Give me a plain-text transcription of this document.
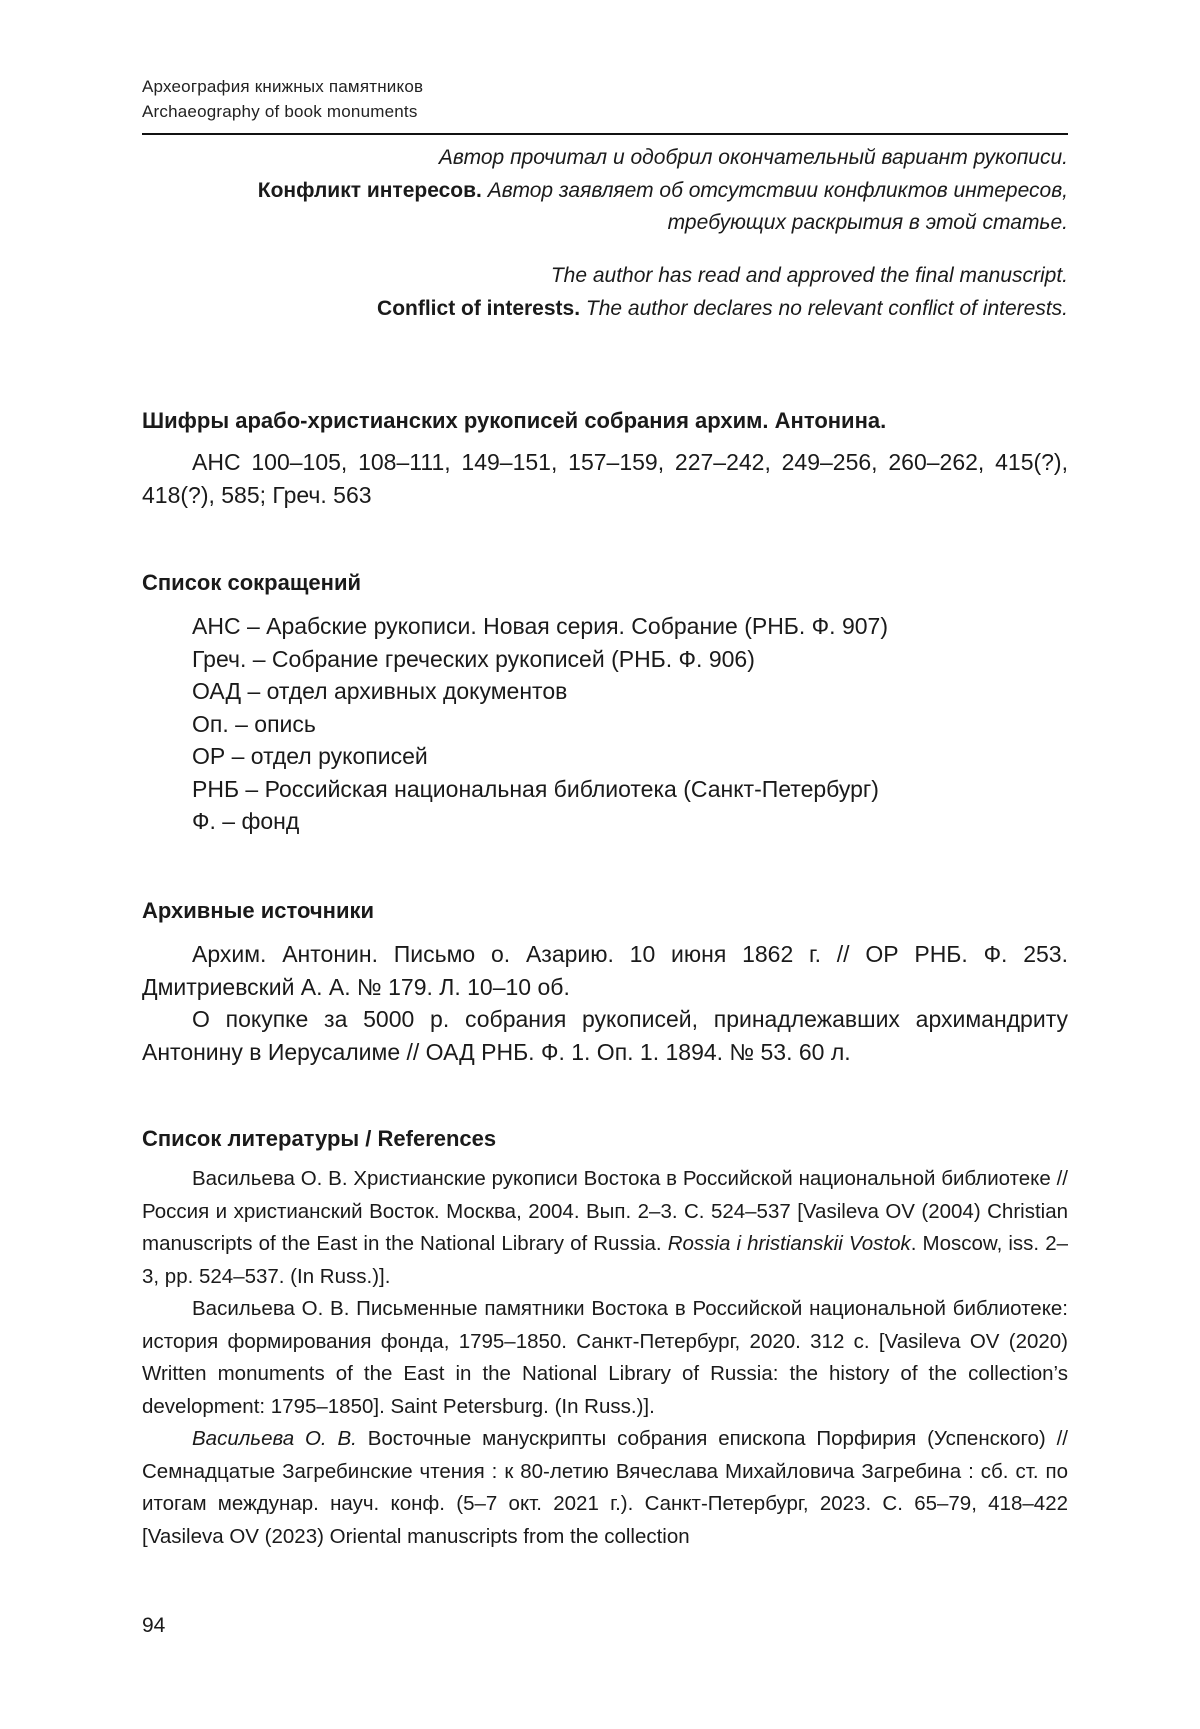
Археография книжных памятников
Archaeography of book monuments
Автор прочитал и одобрил окончательный вариант рукописи.
Конфликт интересов. Автор заявляет об отсутствии конфликтов интересов,
требующих раскрытия в этой статье.
The author has read and approved the final manuscript.
Conflict of interests. The author declares no relevant conflict of interests.
Шифры арабо-христианских рукописей собрания архим. Антонина.

АНС 100–105, 108–111, 149–151, 157–159, 227–242, 249–256, 260–262, 415(?), 418(?), 585; Греч. 563

Список сокращений
АНС – Арабские рукописи. Новая серия. Собрание (РНБ. Ф. 907)
Греч. – Собрание греческих рукописей (РНБ. Ф. 906)
ОАД – отдел архивных документов
Оп. – опись
ОР – отдел рукописей
РНБ – Российская национальная библиотека (Санкт-Петербург)
Ф. – фонд
Архивные источники

Архим. Антонин. Письмо о. Азарию. 10 июня 1862 г. // ОР РНБ. Ф. 253. Дмитриевский А. А. № 179. Л. 10–10 об.

О покупке за 5000 р. собрания рукописей, принадлежавших архимандриту Антонину в Иерусалиме // ОАД РНБ. Ф. 1. Оп. 1. 1894. № 53. 60 л.

Список литературы / References

Васильева О. В. Христианские рукописи Востока в Российской национальной библиотеке // Россия и христианский Восток. Москва, 2004. Вып. 2–3. С. 524–537 [Vasileva OV (2004) Christian manuscripts of the East in the National Library of Russia. Rossia i hristianskii Vostok. Moscow, iss. 2–3, pp. 524–537. (In Russ.)].

Васильева О. В. Письменные памятники Востока в Российской национальной библиотеке: история формирования фонда, 1795–1850. Санкт-Петербург, 2020. 312 с. [Vasileva OV (2020) Written monuments of the East in the National Library of Russia: the history of the collection’s development: 1795–1850]. Saint Petersburg. (In Russ.)].

Васильева О. В. Восточные манускрипты собрания епископа Порфирия (Успенского) // Семнадцатые Загребинские чтения : к 80-летию Вячеслава Михайловича Загребина : сб. ст. по итогам междунар. науч. конф. (5–7 окт. 2021 г.). Санкт-Петербург, 2023. С. 65–79, 418–422 [Vasileva OV (2023) Oriental manuscripts from the collection

94
